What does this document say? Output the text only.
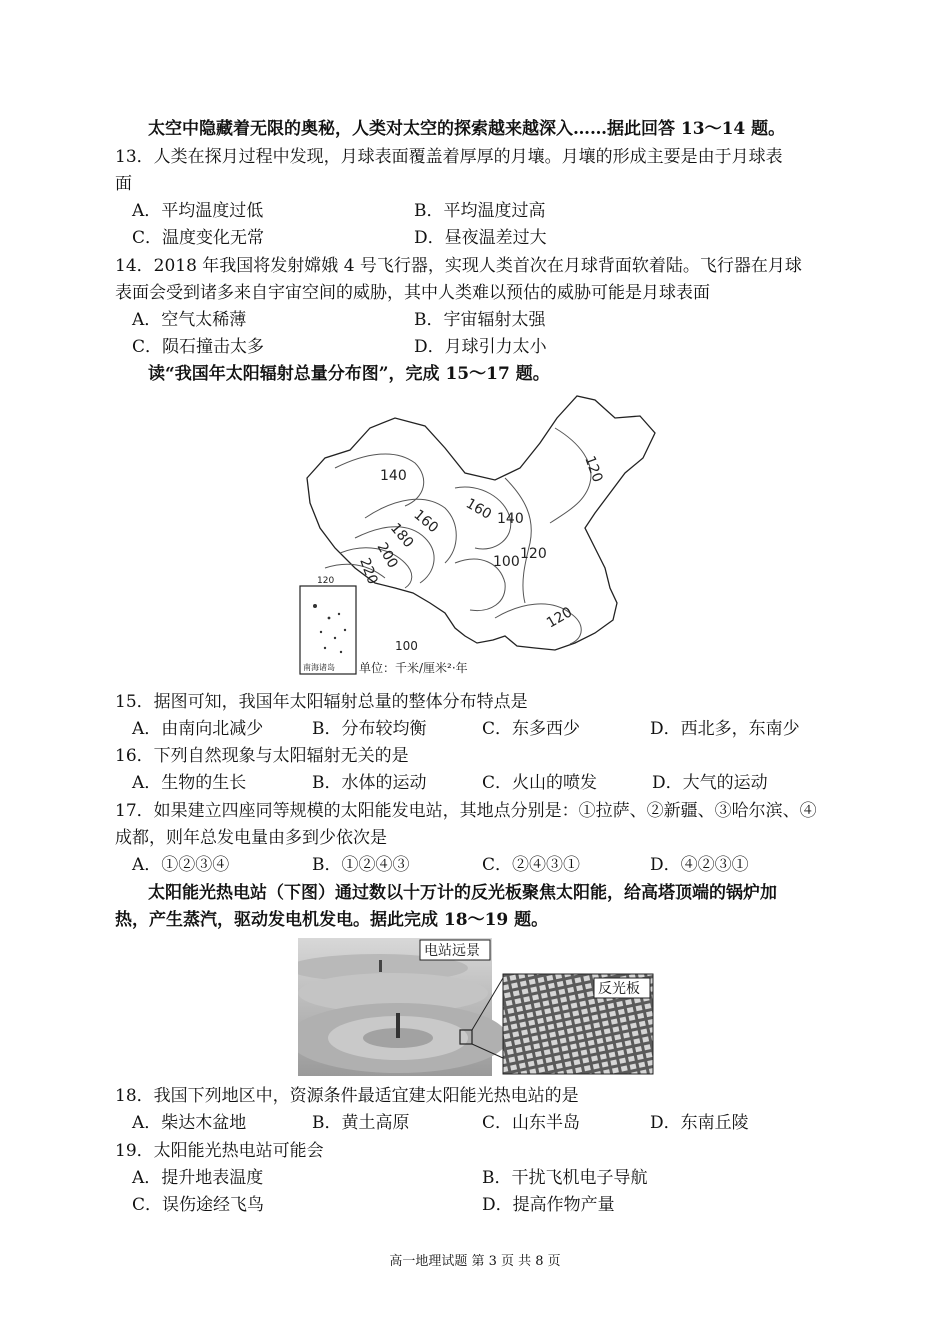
太空中隐藏着无限的奥秘，人类对太空的探索越来越深入……据此回答 13～14 题。
13．人类在探月过程中发现，月球表面覆盖着厚厚的月壤。月壤的形成主要是由于月球表
面
A．平均温度过低	B．平均温度过高
C．温度变化无常	D．昼夜温差过大
14．2018 年我国将发射嫦娥 4 号飞行器，实现人类首次在月球背面软着陆。飞行器在月球
表面会受到诸多来自宇宙空间的威胁，其中人类难以预估的威胁可能是月球表面
A．空气太稀薄	B．宇宙辐射太强
C．陨石撞击太多	D．月球引力太小
读“我国年太阳辐射总量分布图”，完成 15～17 题。
120
140
160 160
180
200
220
140
120
100
120
100
120
南海诸岛 单位：千米/厘米²·年
15．据图可知，我国年太阳辐射总量的整体分布特点是
A．由南向北减少	B．分布较均衡	C．东多西少	D．西北多，东南少
16．下列自然现象与太阳辐射无关的是
A．生物的生长	B．水体的运动	C．火山的喷发	D．大气的运动
17．如果建立四座同等规模的太阳能发电站，其地点分别是：①拉萨、②新疆、③哈尔滨、④
成都，则年总发电量由多到少依次是
A．①②③④	B．①②④③	C．②④③①	D．④②③①
太阳能光热电站（下图）通过数以十万计的反光板聚焦太阳能，给高塔顶端的锅炉加
热，产生蒸汽，驱动发电机发电。据此完成 18～19 题。
电站远景
反光板
18．我国下列地区中，资源条件最适宜建太阳能光热电站的是
A．柴达木盆地	B．黄土高原	C．山东半岛	D．东南丘陵
19．太阳能光热电站可能会
A．提升地表温度	B．干扰飞机电子导航
C．误伤途经飞鸟	D．提高作物产量
高一地理试题 第 3 页 共 8 页
